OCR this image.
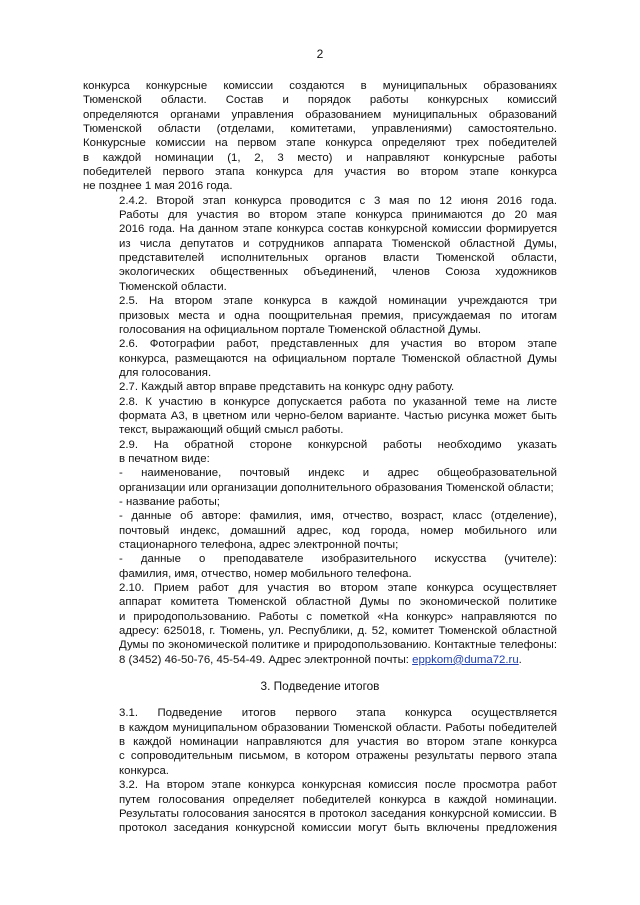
2
конкурса конкурсные комиссии создаются в муниципальных образованиях
Тюменской области. Состав и порядок работы конкурсных комиссий
определяются органами управления образованием муниципальных образований
Тюменской области (отделами, комитетами, управлениями) самостоятельно.
Конкурсные комиссии на первом этапе конкурса определяют трех победителей
в каждой номинации (1, 2, 3 место) и направляют конкурсные работы
победителей первого этапа конкурса для участия во втором этапе конкурса
не позднее 1 мая 2016 года.
2.4.2. Второй этап конкурса проводится с 3 мая по 12 июня 2016 года.
Работы для участия во втором этапе конкурса принимаются до 20 мая
2016 года. На данном этапе конкурса состав конкурсной комиссии формируется
из числа депутатов и сотрудников аппарата Тюменской областной Думы,
представителей исполнительных органов власти Тюменской области,
экологических общественных объединений, членов Союза художников
Тюменской области.
2.5. На втором этапе конкурса в каждой номинации учреждаются три
призовых места и одна поощрительная премия, присуждаемая по итогам
голосования на официальном портале Тюменской областной Думы.
2.6. Фотографии работ, представленных для участия во втором этапе
конкурса, размещаются на официальном портале Тюменской областной Думы
для голосования.
2.7. Каждый автор вправе представить на конкурс одну работу.
2.8. К участию в конкурсе допускается работа по указанной теме на листе
формата А3, в цветном или черно-белом варианте. Частью рисунка может быть
текст, выражающий общий смысл работы.
2.9. На обратной стороне конкурсной работы необходимо указать
в печатном виде:
- наименование, почтовый индекс и адрес общеобразовательной
организации или организации дополнительного образования Тюменской области;
- название работы;
- данные об авторе: фамилия, имя, отчество, возраст, класс (отделение),
почтовый индекс, домашний адрес, код города, номер мобильного или
стационарного телефона, адрес электронной почты;
- данные о преподавателе изобразительного искусства (учителе):
фамилия, имя, отчество, номер мобильного телефона.
2.10. Прием работ для участия во втором этапе конкурса осуществляет
аппарат комитета Тюменской областной Думы по экономической политике
и природопользованию. Работы с пометкой «На конкурс» направляются по
адресу: 625018, г. Тюмень, ул. Республики, д. 52, комитет Тюменской областной
Думы по экономической политике и природопользованию. Контактные телефоны:
8 (3452) 46-50-76, 45-54-49. Адрес электронной почты: eppkom@duma72.ru.
3. Подведение итогов
3.1. Подведение итогов первого этапа конкурса осуществляется
в каждом муниципальном образовании Тюменской области. Работы победителей
в каждой номинации направляются для участия во втором этапе конкурса
с сопроводительным письмом, в котором отражены результаты первого этапа
конкурса.
3.2. На втором этапе конкурса конкурсная комиссия после просмотра работ
путем голосования определяет победителей конкурса в каждой номинации.
Результаты голосования заносятся в протокол заседания конкурсной комиссии. В
протокол заседания конкурсной комиссии могут быть включены предложения
